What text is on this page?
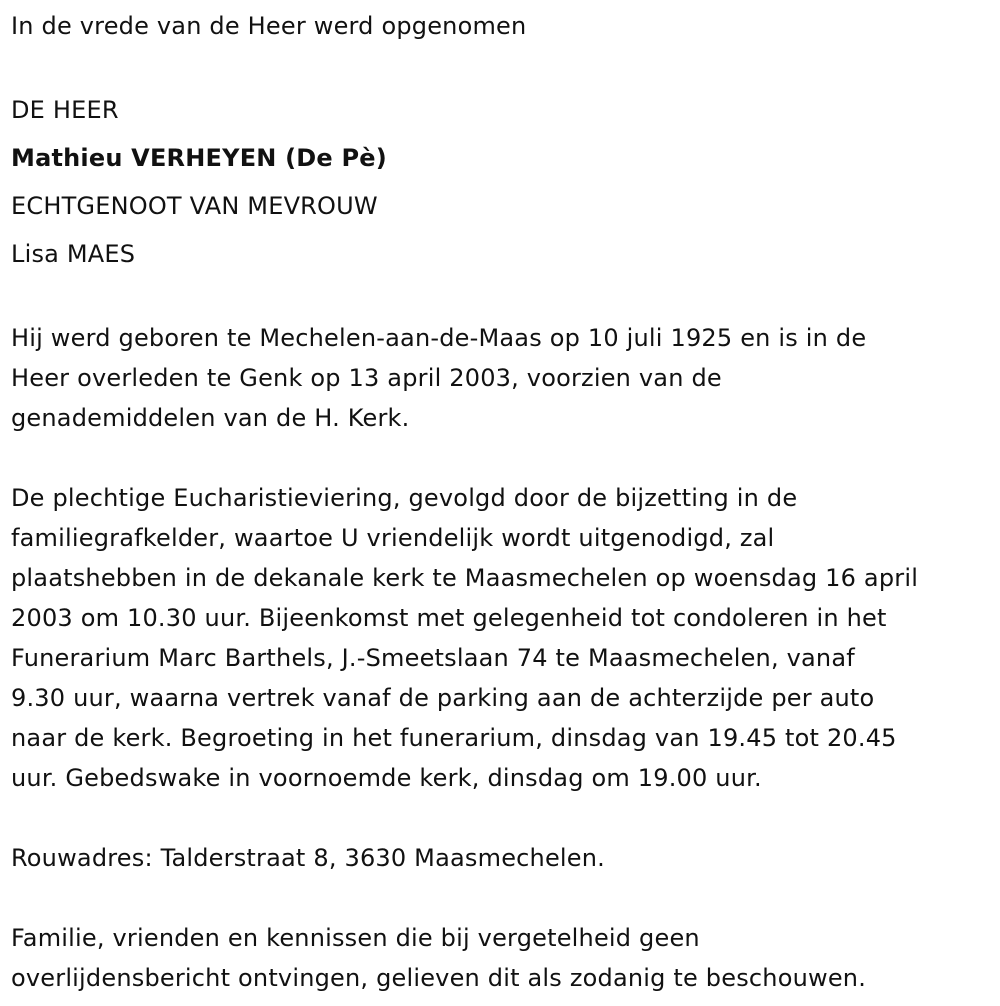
In de vrede van de Heer werd opgenomen

DE HEER

Mathieu VERHEYEN (De Pè)

ECHTGENOOT VAN MEVROUW

Lisa MAES

Hij werd geboren te Mechelen-aan-de-Maas op 10 juli 1925 en is in de

Heer overleden te Genk op 13 april 2003, voorzien van de

genademiddelen van de H. Kerk.

De plechtige Eucharistieviering, gevolgd door de bijzetting in de

familiegrafkelder, waartoe U vriendelijk wordt uitgenodigd, zal

plaatshebben in de dekanale kerk te Maasmechelen op woensdag 16 april

2003 om 10.30 uur. Bijeenkomst met gelegenheid tot condoleren in het

Funerarium Marc Barthels, J.-Smeetslaan 74 te Maasmechelen, vanaf

9.30 uur, waarna vertrek vanaf de parking aan de achterzijde per auto

naar de kerk. Begroeting in het funerarium, dinsdag van 19.45 tot 20.45

uur. Gebedswake in voornoemde kerk, dinsdag om 19.00 uur.

Rouwadres: Talderstraat 8, 3630 Maasmechelen.

Familie, vrienden en kennissen die bij vergetelheid geen

overlijdensbericht ontvingen, gelieven dit als zodanig te beschouwen.
